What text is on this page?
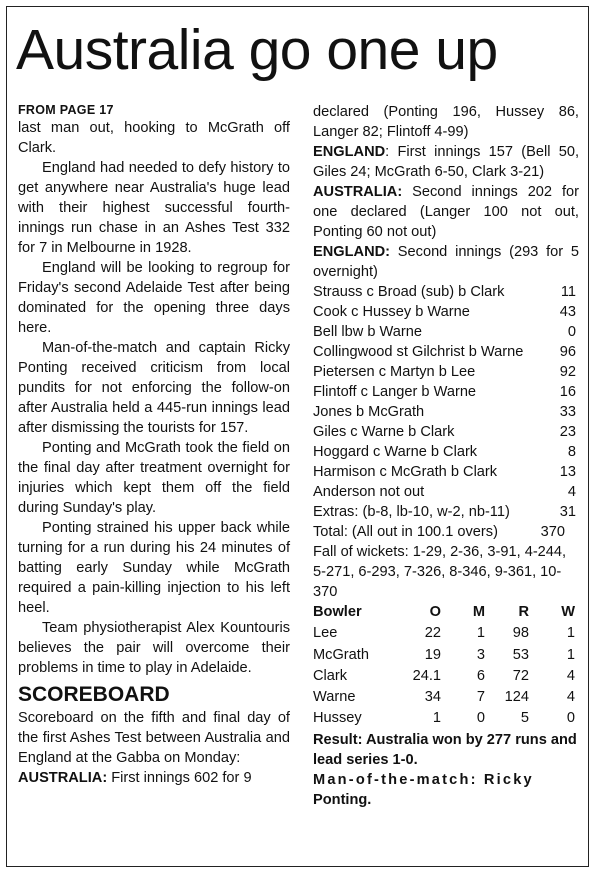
Australia go one up
FROM PAGE 17

last man out, hooking to McGrath off Clark.

England had needed to defy history to get anywhere near Australia's huge lead with their highest successful fourth-innings run chase in an Ashes Test 332 for 7 in Melbourne in 1928.

England will be looking to regroup for Friday's second Adelaide Test after being dominated for the opening three days here.

Man-of-the-match and captain Ricky Ponting received criticism from local pundits for not enforcing the follow-on after Australia held a 445-run innings lead after dismissing the tourists for 157.

Ponting and McGrath took the field on the final day after treatment overnight for injuries which kept them off the field during Sunday's play.

Ponting strained his upper back while turning for a run during his 24 minutes of batting early Sunday while McGrath required a pain-killing injection to his left heel.

Team physiotherapist Alex Kountouris believes the pair will overcome their problems in time to play in Adelaide.

SCOREBOARD

Scoreboard on the fifth and final day of the first Ashes Test between Australia and England at the Gabba on Monday:

AUSTRALIA: First innings 602 for 9

declared (Ponting 196, Hussey 86, Langer 82; Flintoff 4-99)

ENGLAND: First innings 157 (Bell 50, Giles 24; McGrath 6-50, Clark 3-21)

AUSTRALIA: Second innings 202 for one declared (Langer 100 not out, Ponting 60 not out)

ENGLAND: Second innings (293 for 5 overnight)

Strauss c Broad (sub) b Clark	11
Cook c Hussey b Warne	43
Bell lbw b Warne	0
Collingwood st Gilchrist b Warne	96
Pietersen c Martyn b Lee	92
Flintoff c Langer b Warne	16
Jones b McGrath	33
Giles c Warne b Clark	23
Hoggard c Warne b Clark	8
Harmison c McGrath b Clark	13
Anderson not out	4
Extras: (b-8, lb-10, w-2, nb-11)	31
Total: (All out in 100.1 overs)	370

Fall of wickets: 1-29, 2-36, 3-91, 4-244, 5-271, 6-293, 7-326, 8-346, 9-361, 10-370

Bowler	O	M	R	W
Lee	22	1	98	1
McGrath	19	3	53	1
Clark	24.1	6	72	4
Warne	34	7	124	4
Hussey	1	0	5	0

Result: Australia won by 277 runs and lead series 1-0.

Man-of-the-match: Ricky
Ponting.
